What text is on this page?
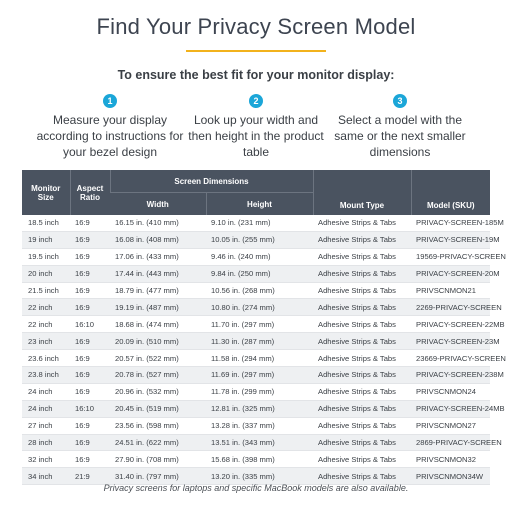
Find Your Privacy Screen Model
To ensure the best fit for your monitor display:
1
Measure your display according to instructions for your bezel design
2
Look up your width and then height in the product table
3
Select a model with the same or the next smaller dimensions
Monitor Size	Aspect Ratio	Screen Dimensions		Mount Type	Model (SKU)
		Width	Height		
18.5 inch	16:9	16.15 in. (410 mm)	9.10 in. (231 mm)	Adhesive Strips & Tabs	PRIVACY-SCREEN-185M
19 inch	16:9	16.08 in. (408 mm)	10.05 in. (255 mm)	Adhesive Strips & Tabs	PRIVACY-SCREEN-19M
19.5 inch	16:9	17.06 in. (433 mm)	9.46 in. (240 mm)	Adhesive Strips & Tabs	19569-PRIVACY-SCREEN
20 inch	16:9	17.44 in. (443 mm)	9.84 in. (250 mm)	Adhesive Strips & Tabs	PRIVACY-SCREEN-20M
21.5 inch	16:9	18.79 in. (477 mm)	10.56 in. (268 mm)	Adhesive Strips & Tabs	PRIVSCNMON21
22 inch	16:9	19.19 in. (487 mm)	10.80 in. (274 mm)	Adhesive Strips & Tabs	2269-PRIVACY-SCREEN
22 inch	16:10	18.68 in. (474 mm)	11.70 in. (297 mm)	Adhesive Strips & Tabs	PRIVACY-SCREEN-22MB
23 inch	16:9	20.09 in. (510 mm)	11.30 in. (287 mm)	Adhesive Strips & Tabs	PRIVACY-SCREEN-23M
23.6 inch	16:9	20.57 in. (522 mm)	11.58 in. (294 mm)	Adhesive Strips & Tabs	23669-PRIVACY-SCREEN
23.8 inch	16:9	20.78 in. (527 mm)	11.69 in. (297 mm)	Adhesive Strips & Tabs	PRIVACY-SCREEN-238M
24 inch	16:9	20.96 in. (532 mm)	11.78 in. (299 mm)	Adhesive Strips & Tabs	PRIVSCNMON24
24 inch	16:10	20.45 in. (519 mm)	12.81 in. (325 mm)	Adhesive Strips & Tabs	PRIVACY-SCREEN-24MB
27 inch	16:9	23.56 in. (598 mm)	13.28 in. (337 mm)	Adhesive Strips & Tabs	PRIVSCNMON27
28 inch	16:9	24.51 in. (622 mm)	13.51 in. (343 mm)	Adhesive Strips & Tabs	2869-PRIVACY-SCREEN
32 inch	16:9	27.90 in. (708 mm)	15.68 in. (398 mm)	Adhesive Strips & Tabs	PRIVSCNMON32
34 inch	21:9	31.40 in. (797 mm)	13.20 in. (335 mm)	Adhesive Strips & Tabs	PRIVSCNMON34W
Privacy screens for laptops and specific MacBook models are also available.
